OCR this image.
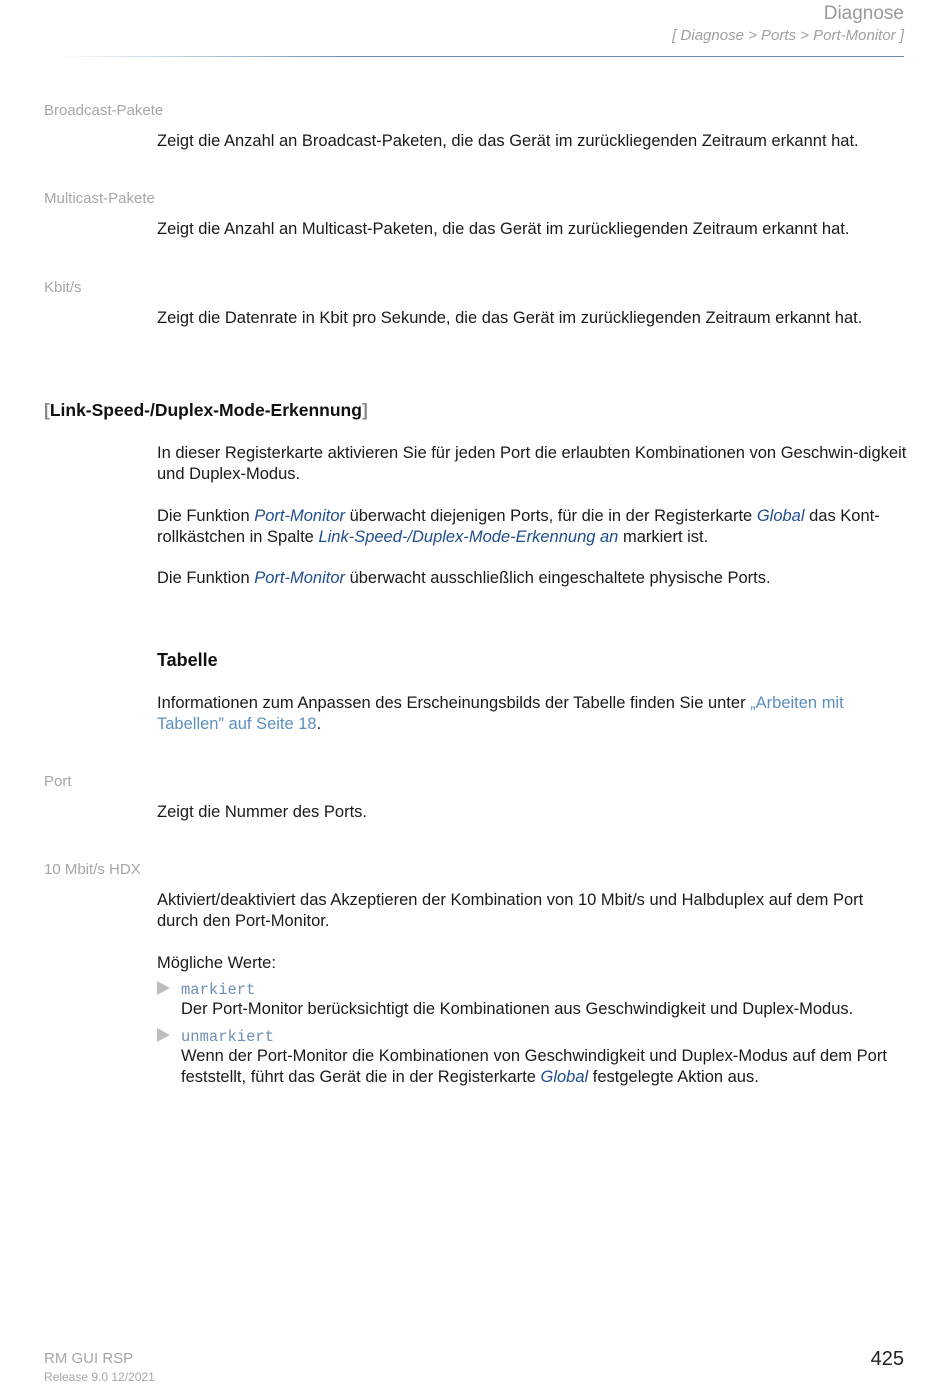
Diagnose
[ Diagnose > Ports > Port-Monitor ]
Broadcast-Pakete
Zeigt die Anzahl an Broadcast-Paketen, die das Gerät im zurückliegenden Zeitraum erkannt hat.
Multicast-Pakete
Zeigt die Anzahl an Multicast-Paketen, die das Gerät im zurückliegenden Zeitraum erkannt hat.
Kbit/s
Zeigt die Datenrate in Kbit pro Sekunde, die das Gerät im zurückliegenden Zeitraum erkannt hat.
[Link-Speed-/Duplex-Mode-Erkennung]
In dieser Registerkarte aktivieren Sie für jeden Port die erlaubten Kombinationen von Geschwin-digkeit und Duplex-Modus.
Die Funktion Port-Monitor überwacht diejenigen Ports, für die in der Registerkarte Global das Kont-rollkästchen in Spalte Link-Speed-/Duplex-Mode-Erkennung an markiert ist.
Die Funktion Port-Monitor überwacht ausschließlich eingeschaltete physische Ports.
Tabelle
Informationen zum Anpassen des Erscheinungsbilds der Tabelle finden Sie unter „Arbeiten mit Tabellen” auf Seite 18.
Port
Zeigt die Nummer des Ports.
10 Mbit/s HDX
Aktiviert/deaktiviert das Akzeptieren der Kombination von 10 Mbit/s und Halbduplex auf dem Port durch den Port-Monitor.
Mögliche Werte:
markiert
Der Port-Monitor berücksichtigt die Kombinationen aus Geschwindigkeit und Duplex-Modus.
unmarkiert
Wenn der Port-Monitor die Kombinationen von Geschwindigkeit und Duplex-Modus auf dem Port feststellt, führt das Gerät die in der Registerkarte Global festgelegte Aktion aus.
RM GUI RSP
Release 9.0 12/2021
425
